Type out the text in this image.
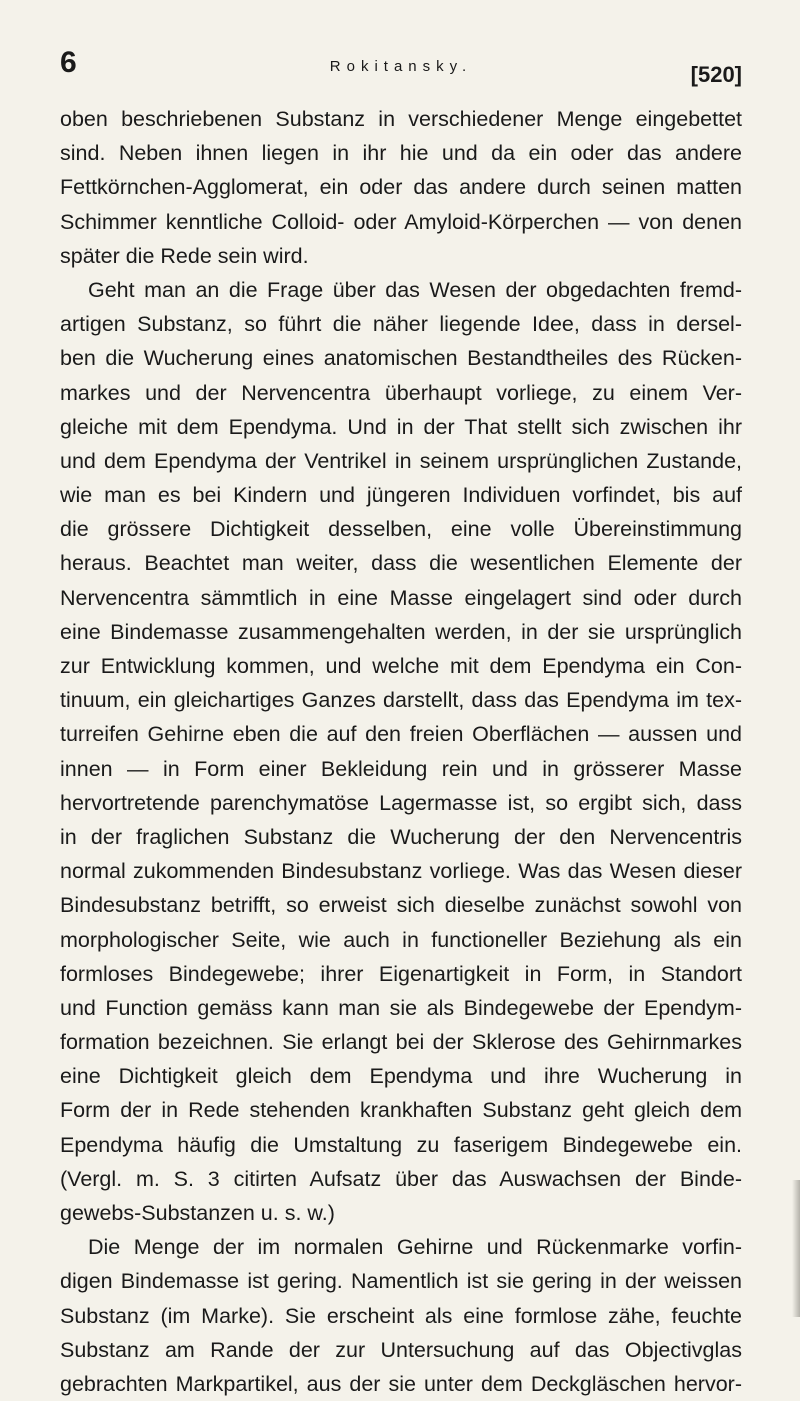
6	Rokitansky.	[520]
oben beschriebenen Substanz in verschiedener Menge eingebettet
sind. Neben ihnen liegen in ihr hie und da ein oder das andere
Fettkörnchen-Agglomerat, ein oder das andere durch seinen matten
Schimmer kenntliche Colloid- oder Amyloid-Körperchen — von denen
später die Rede sein wird.
Geht man an die Frage über das Wesen der obgedachten fremd-
artigen Substanz, so führt die näher liegende Idee, dass in dersel-
ben die Wucherung eines anatomischen Bestandtheiles des Rücken-
markes und der Nervencentra überhaupt vorliege, zu einem Ver-
gleiche mit dem Ependyma. Und in der That stellt sich zwischen ihr
und dem Ependyma der Ventrikel in seinem ursprünglichen Zustande,
wie man es bei Kindern und jüngeren Individuen vorfindet, bis auf
die grössere Dichtigkeit desselben, eine volle Übereinstimmung
heraus. Beachtet man weiter, dass die wesentlichen Elemente der
Nervencentra sämmtlich in eine Masse eingelagert sind oder durch
eine Bindemasse zusammengehalten werden, in der sie ursprünglich
zur Entwicklung kommen, und welche mit dem Ependyma ein Con-
tinuum, ein gleichartiges Ganzes darstellt, dass das Ependyma im tex-
turreifen Gehirne eben die auf den freien Oberflächen — aussen und
innen — in Form einer Bekleidung rein und in grösserer Masse
hervortretende parenchymatöse Lagermasse ist, so ergibt sich, dass
in der fraglichen Substanz die Wucherung der den Nervencentris
normal zukommenden Bindesubstanz vorliege. Was das Wesen dieser
Bindesubstanz betrifft, so erweist sich dieselbe zunächst sowohl von
morphologischer Seite, wie auch in functioneller Beziehung als ein
formloses Bindegewebe; ihrer Eigenartigkeit in Form, in Standort
und Function gemäss kann man sie als Bindegewebe der Ependym-
formation bezeichnen. Sie erlangt bei der Sklerose des Gehirnmarkes
eine Dichtigkeit gleich dem Ependyma und ihre Wucherung in
Form der in Rede stehenden krankhaften Substanz geht gleich dem
Ependyma häufig die Umstaltung zu faserigem Bindegewebe ein.
(Vergl. m. S. 3 citirten Aufsatz über das Auswachsen der Binde-
gewebs-Substanzen u. s. w.)
Die Menge der im normalen Gehirne und Rückenmarke vorfin-
digen Bindemasse ist gering. Namentlich ist sie gering in der weissen
Substanz (im Marke). Sie erscheint als eine formlose zähe, feuchte
Substanz am Rande der zur Untersuchung auf das Objectivglas
gebrachten Markpartikel, aus der sie unter dem Deckgläschen hervor-
